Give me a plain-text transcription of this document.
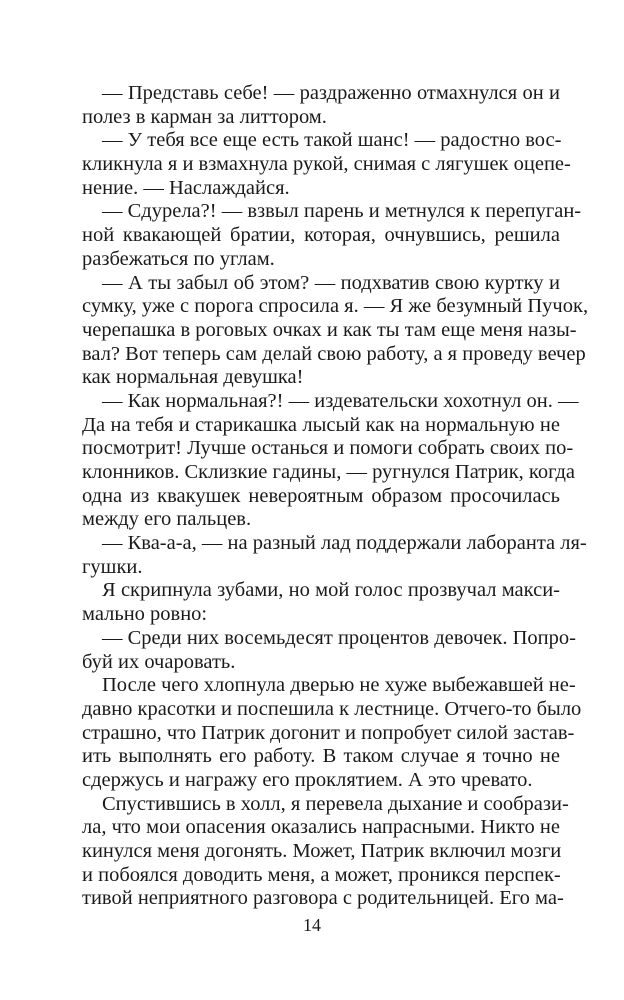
— Представь себе! — раздраженно отмахнулся он и
полез в карман за литтором.
— У тебя все еще есть такой шанс! — радостно вос-
кликнула я и взмахнула рукой, снимая с лягушек оцепе-
нение. — Наслаждайся.
— Сдурела?! — взвыл парень и метнулся к перепуган-
ной квакающей братии, которая, очнувшись, решила
разбежаться по углам.
— А ты забыл об этом? — подхватив свою куртку и
сумку, уже с порога спросила я. — Я же безумный Пучок,
черепашка в роговых очках и как ты там еще меня назы-
вал? Вот теперь сам делай свою работу, а я проведу вечер
как нормальная девушка!
— Как нормальная?! — издевательски хохотнул он. —
Да на тебя и старикашка лысый как на нормальную не
посмотрит! Лучше останься и помоги собрать своих по-
клонников. Склизкие гадины, — ругнулся Патрик, когда
одна из квакушек невероятным образом просочилась
между его пальцев.
— Ква-а-а, — на разный лад поддержали лаборанта ля-
гушки.
Я скрипнула зубами, но мой голос прозвучал макси-
мально ровно:
— Среди них восемьдесят процентов девочек. Попро-
буй их очаровать.
После чего хлопнула дверью не хуже выбежавшей не-
давно красотки и поспешила к лестнице. Отчего-то было
страшно, что Патрик догонит и попробует силой застав-
ить выполнять его работу. В таком случае я точно не
сдержусь и награжу его проклятием. А это чревато.
Спустившись в холл, я перевела дыхание и сообрази-
ла, что мои опасения оказались напрасными. Никто не
кинулся меня догонять. Может, Патрик включил мозги
и побоялся доводить меня, а может, проникся перспек-
тивой неприятного разговора с родительницей. Его ма-
14
